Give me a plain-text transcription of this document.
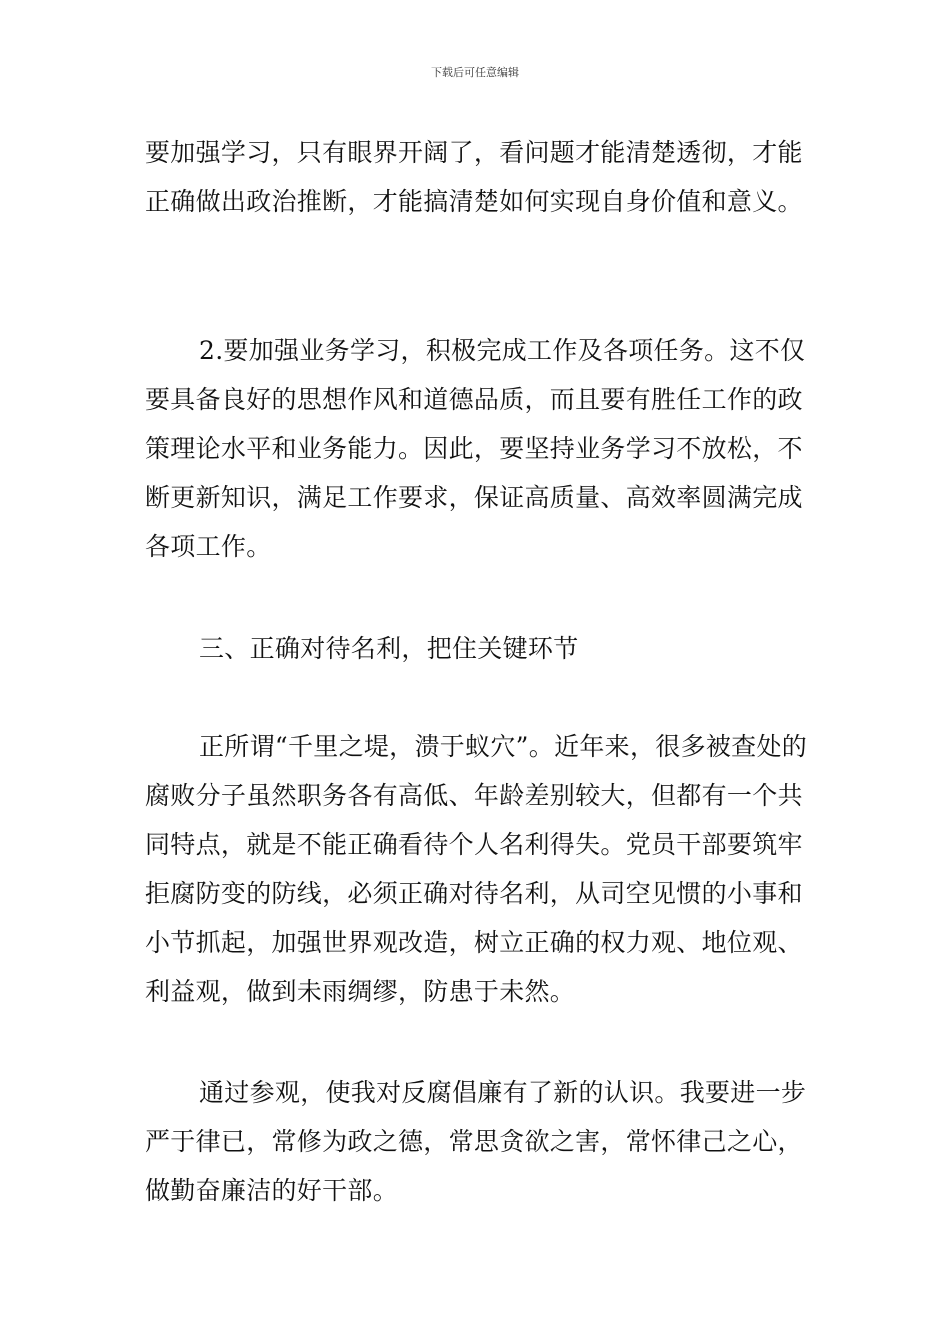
下载后可任意编辑

要加强学习，只有眼界开阔了，看问题才能清楚透彻，才能正确做出政治推断，才能搞清楚如何实现自身价值和意义。

2.要加强业务学习，积极完成工作及各项任务。这不仅要具备良好的思想作风和道德品质，而且要有胜任工作的政策理论水平和业务能力。因此，要坚持业务学习不放松，不断更新知识，满足工作要求，保证高质量、高效率圆满完成各项工作。

三、正确对待名利，把住关键环节

正所谓“千里之堤，溃于蚁穴”。近年来，很多被查处的腐败分子虽然职务各有高低、年龄差别较大，但都有一个共同特点，就是不能正确看待个人名利得失。党员干部要筑牢拒腐防变的防线，必须正确对待名利，从司空见惯的小事和小节抓起，加强世界观改造，树立正确的权力观、地位观、利益观，做到未雨绸缪，防患于未然。

通过参观，使我对反腐倡廉有了新的认识。我要进一步严于律已，常修为政之德，常思贪欲之害，常怀律己之心，做勤奋廉洁的好干部。
